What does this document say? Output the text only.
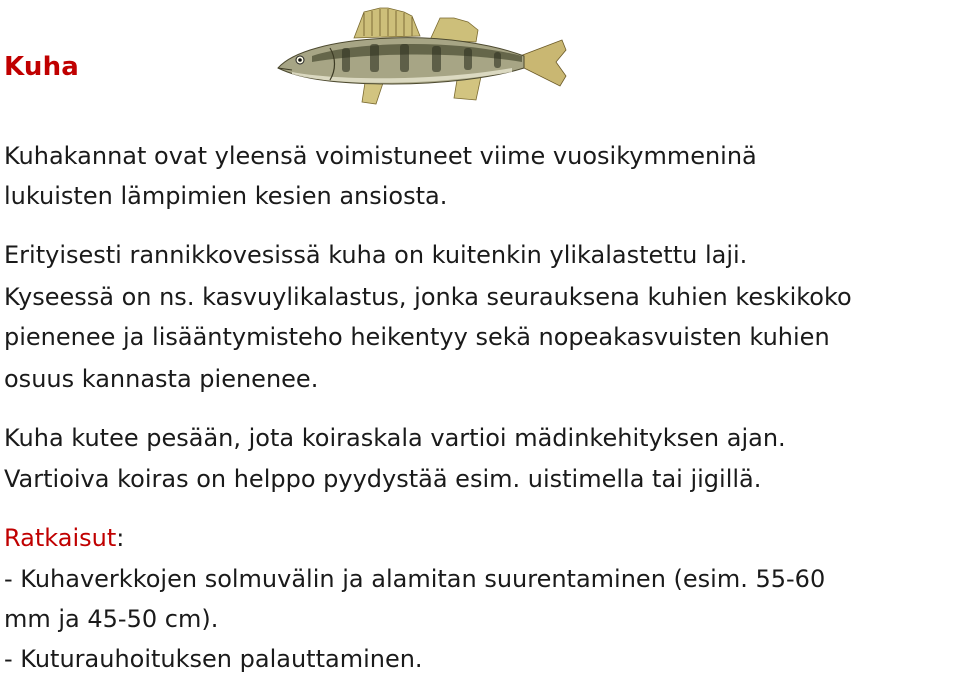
Kuha

Kuhakannat ovat yleensä voimistuneet viime vuosikymmeninä

lukuisten lämpimien kesien ansiosta.

Erityisesti rannikkovesissä kuha on kuitenkin ylikalastettu laji.

Kyseessä on ns. kasvuylikalastus, jonka seurauksena kuhien keskikoko

pienenee ja lisääntymisteho heikentyy sekä nopeakasvuisten kuhien

osuus kannasta pienenee.

Kuha kutee pesään, jota koiraskala vartioi mädinkehityksen ajan.

Vartioiva koiras on helppo pyydystää esim. uistimella tai jigillä.

Ratkaisut:

- Kuhaverkkojen solmuvälin ja alamitan suurentaminen (esim. 55-60

mm ja 45-50 cm).

- Kuturauhoituksen palauttaminen.
